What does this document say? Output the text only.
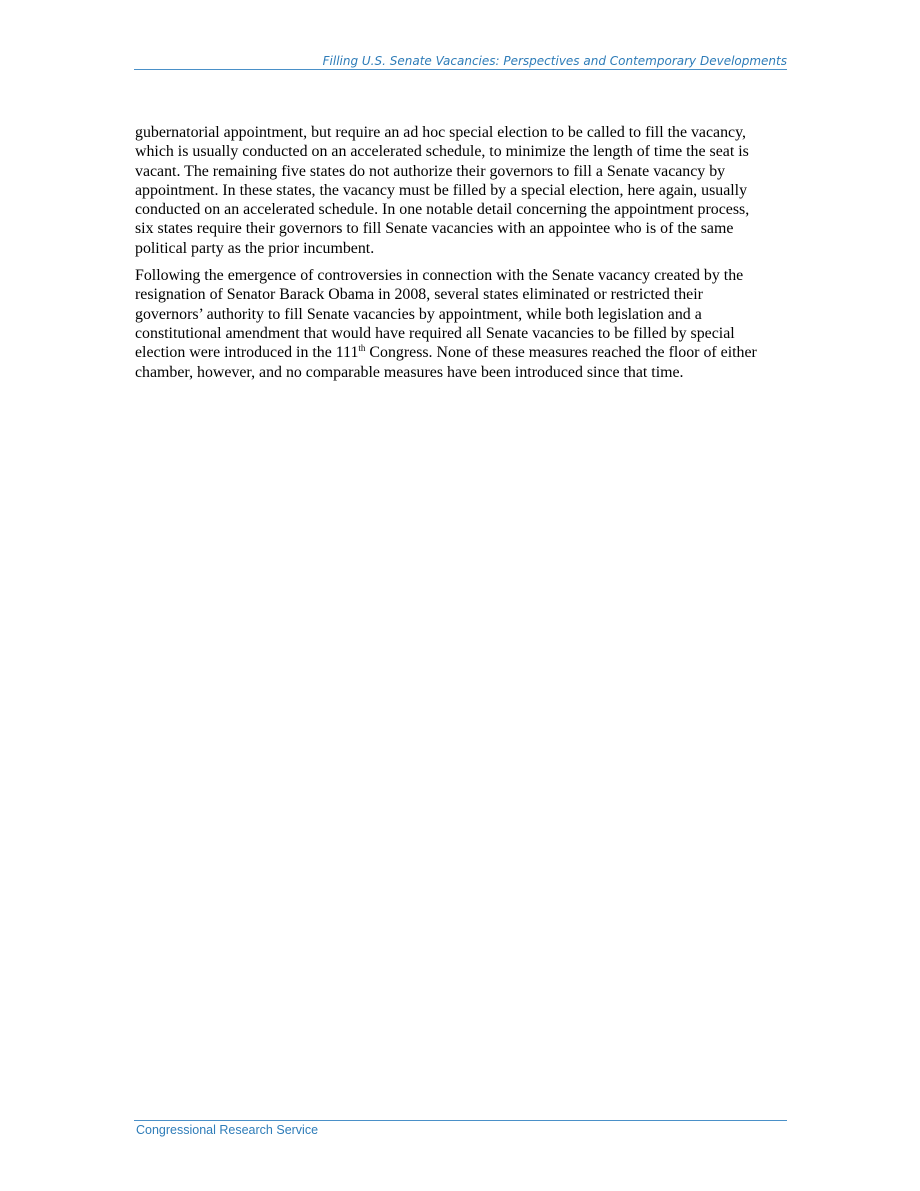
Filling U.S. Senate Vacancies: Perspectives and Contemporary Developments

gubernatorial appointment, but require an ad hoc special election to be called to fill the vacancy,
which is usually conducted on an accelerated schedule, to minimize the length of time the seat is
vacant. The remaining five states do not authorize their governors to fill a Senate vacancy by
appointment. In these states, the vacancy must be filled by a special election, here again, usually
conducted on an accelerated schedule. In one notable detail concerning the appointment process,
six states require their governors to fill Senate vacancies with an appointee who is of the same
political party as the prior incumbent.

Following the emergence of controversies in connection with the Senate vacancy created by the
resignation of Senator Barack Obama in 2008, several states eliminated or restricted their
governors’ authority to fill Senate vacancies by appointment, while both legislation and a
constitutional amendment that would have required all Senate vacancies to be filled by special
election were introduced in the 111th Congress. None of these measures reached the floor of either
chamber, however, and no comparable measures have been introduced since that time.

Congressional Research Service
